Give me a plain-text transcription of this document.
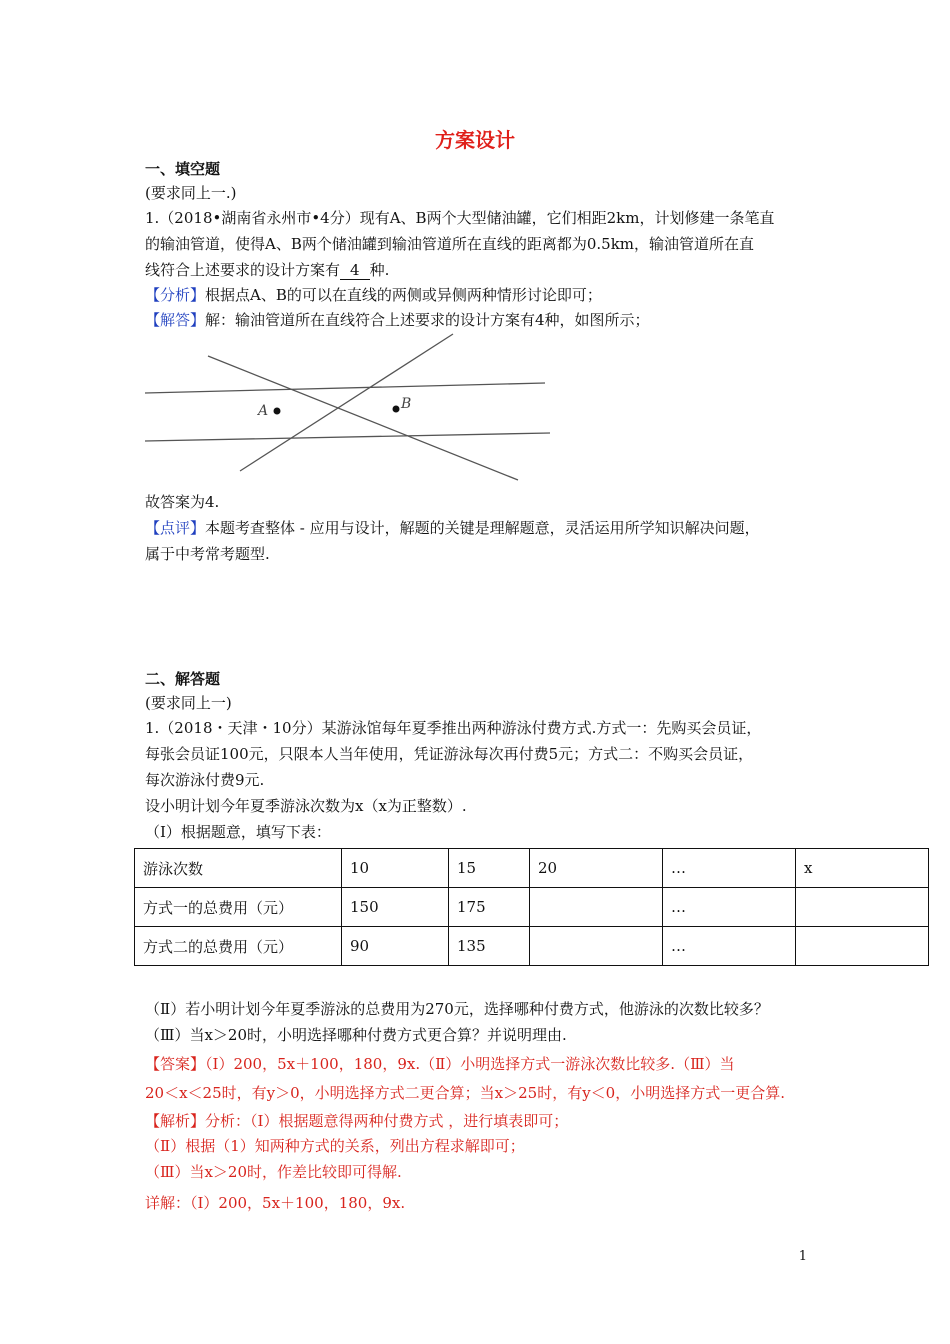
方案设计
一、填空题
(要求同上一.)
1.（2018•湖南省永州市•4分）现有A、B两个大型储油罐，它们相距2km，计划修建一条笔直
的输油管道，使得A、B两个储油罐到输油管道所在直线的距离都为0.5km，输油管道所在直
线符合上述要求的设计方案有 4 种.
【分析】根据点A、B的可以在直线的两侧或异侧两种情形讨论即可；
【解答】解：输油管道所在直线符合上述要求的设计方案有4种，如图所示；
A	B
故答案为4.
【点评】本题考查整体 - 应用与设计，解题的关键是理解题意，灵活运用所学知识解决问题，
属于中考常考题型.
二、解答题
(要求同上一)
1.（2018・天津・10分）某游泳馆每年夏季推出两种游泳付费方式.方式一：先购买会员证，
每张会员证100元，只限本人当年使用，凭证游泳每次再付费5元；方式二：不购买会员证，
每次游泳付费9元.
设小明计划今年夏季游泳次数为x（x为正整数）.
（Ⅰ）根据题意，填写下表：
游泳次数	10	15	20	…	x
方式一的总费用（元）	150	175		…	
方式二的总费用（元）	90	135		…	
（Ⅱ）若小明计划今年夏季游泳的总费用为270元，选择哪种付费方式，他游泳的次数比较多？
（Ⅲ）当x＞20时，小明选择哪种付费方式更合算？并说明理由.
【答案】（Ⅰ）200，5x＋100，180，9x.（Ⅱ）小明选择方式一游泳次数比较多.（Ⅲ）当
20＜x＜25时，有y＞0，小明选择方式二更合算；当x＞25时，有y＜0，小明选择方式一更合算.
【解析】分析：（Ⅰ）根据题意得两种付费方式 ，进行填表即可；
（Ⅱ）根据（1）知两种方式的关系，列出方程求解即可；
（Ⅲ）当x＞20时，作差比较即可得解.
详解：（Ⅰ）200，5x＋100，180，9x.
1
